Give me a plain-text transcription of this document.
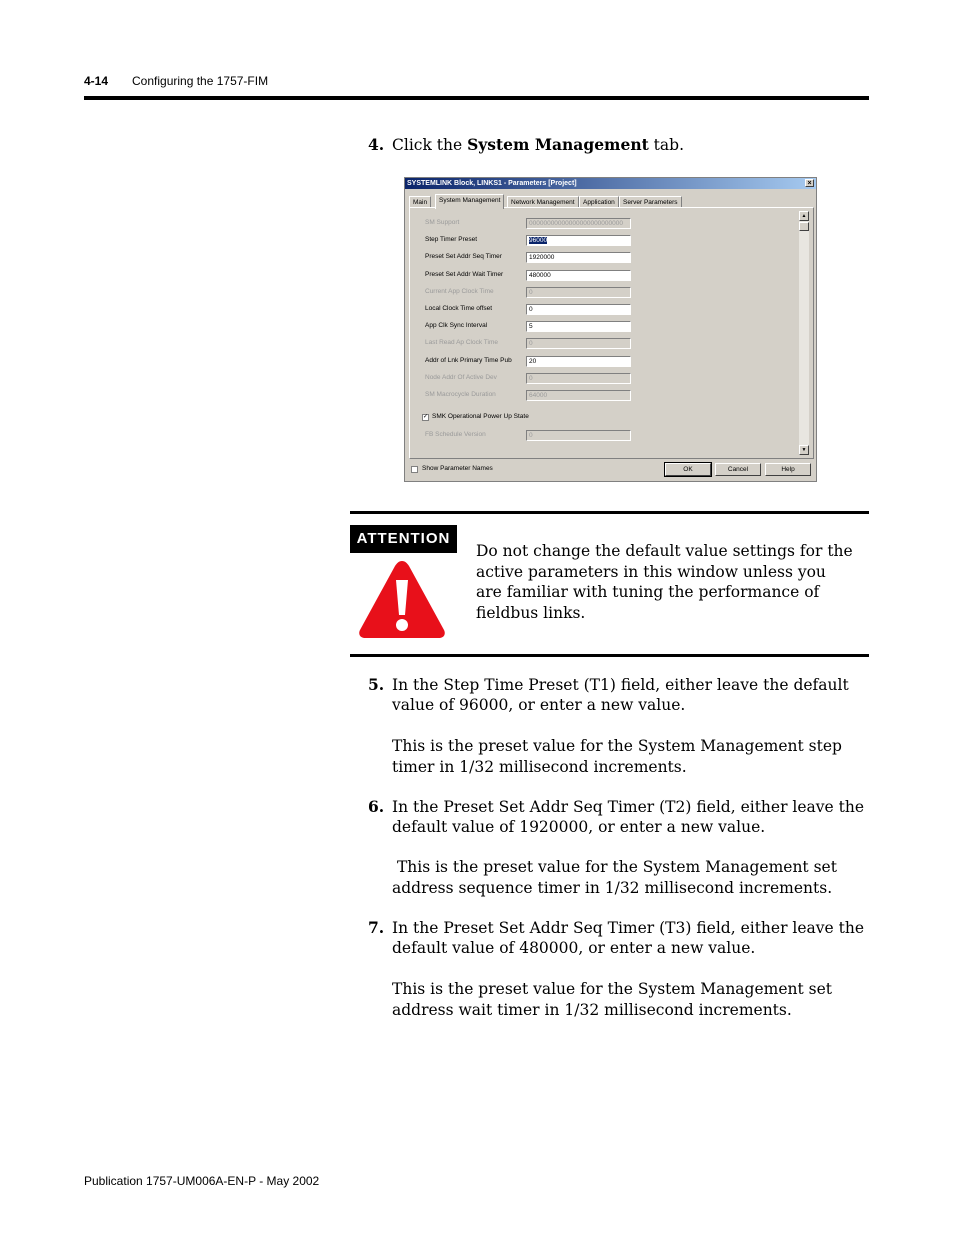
4-14 Configuring the 1757-FIM
4. Click the System Management tab.
SYSTEMLINK Block, LINKS1 - Parameters [Project]	×
Main	System Management	Network Management	Application	Server Parameters
SM Support	00000000000000000000000000
Step Timer Preset	96000
Preset Set Addr Seq Timer	1920000
Preset Set Addr Wait Timer	480000
Current App Clock Time	0
Local Clock Time offset	0
App Clk Sync Interval	5
Last Read Ap Clock Time	0
Addr of Lnk Primary Time Pub	20
Node Addr Of Active Dev	0
SM Macrocycle Duration	64000
✓ SMK Operational Power Up State
FB Schedule Version	0
▲
▼
Show Parameter Names	OK	Cancel	Help
ATTENTION
Do not change the default value settings for the active parameters in this window unless you are familiar with tuning the performance of fieldbus links.
5. In the Step Time Preset (T1) field, either leave the default value of 96000, or enter a new value.
This is the preset value for the System Management step timer in 1/32 millisecond increments.
6. In the Preset Set Addr Seq Timer (T2) field, either leave the default value of 1920000, or enter a new value.
This is the preset value for the System Management set address sequence timer in 1/32 millisecond increments.
7. In the Preset Set Addr Seq Timer (T3) field, either leave the default value of 480000, or enter a new value.
This is the preset value for the System Management set address wait timer in 1/32 millisecond increments.
Publication 1757-UM006A-EN-P - May 2002
